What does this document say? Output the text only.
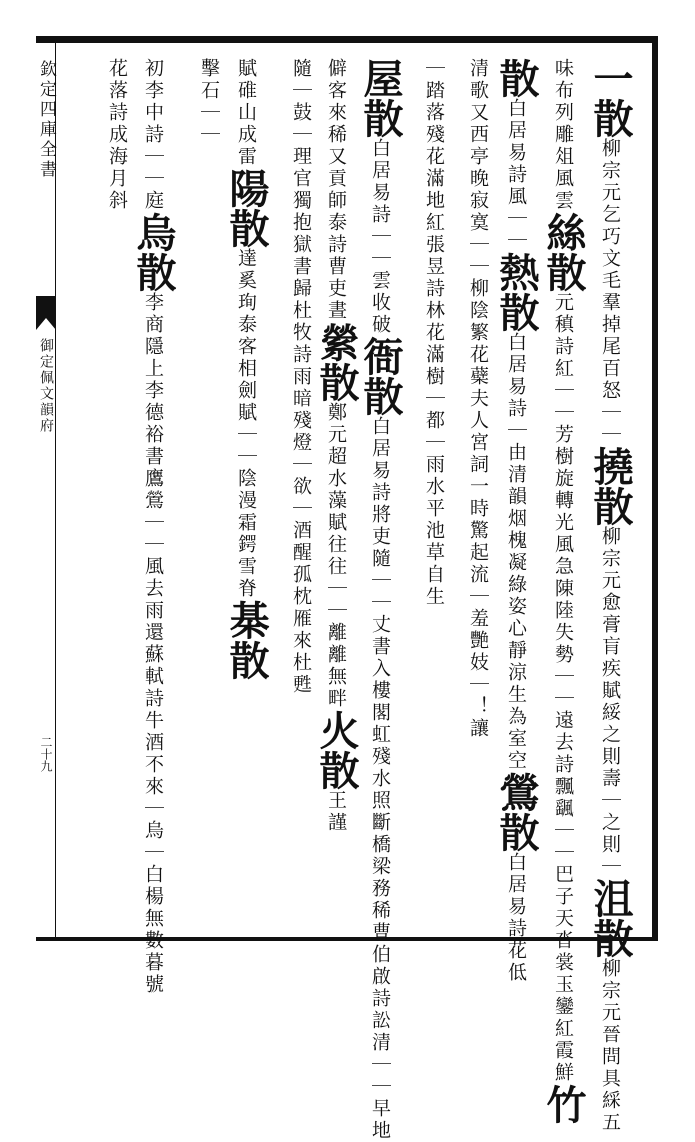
欽定四庫全書
御定佩文韻府
二十九
一散柳宗元乞巧文毛羣掉尾百怒｜｜撓散柳宗元愈膏肓疾賦綏之則壽｜之則｜沮散柳宗元晉問具綵五
味布列雕俎風雲絲散元稹詩紅｜｜芳樹旋轉光風急陳陸失勢｜｜遠去詩飄颻｜｜巴子天沓裳玉鑾紅霞鮮竹
散白居易詩風｜｜熱散白居易詩｜由清韻烟槐凝綠姿心靜涼生為室空鶯散白居易詩花低
清歌又西亭晚寂寞｜｜柳陰繁花蘗夫人宮詞一時驚起流｜羞艷妓｜！讓
｜踏落殘花滿地紅張昱詩林花滿樹｜都｜雨水平池草自生
屋散白居易詩｜｜雲收破衙散白居易詩將吏隨｜｜丈書入樓閣虹殘水照斷橋梁務稀曹伯啟詩訟清｜｜早地
僻客來稀又貢師泰詩曹吏晝縈散鄭元超水藻賦往往｜｜離離無畔火散王謹
隨｜鼓｜理官獨抱獄書歸杜牧詩雨暗殘燈｜欲｜酒醒孤枕雁來杜甦
賦碓山成雷陽散達奚珣泰客相劍賦｜｜陰漫霜鍔雪脊棊散
擊石｜｜
初李中詩｜｜庭烏散李商隱上李德裕書鷹鶯｜｜風去雨還蘇軾詩牛酒不來｜烏｜白楊無數暮號
花落詩成海月斜
